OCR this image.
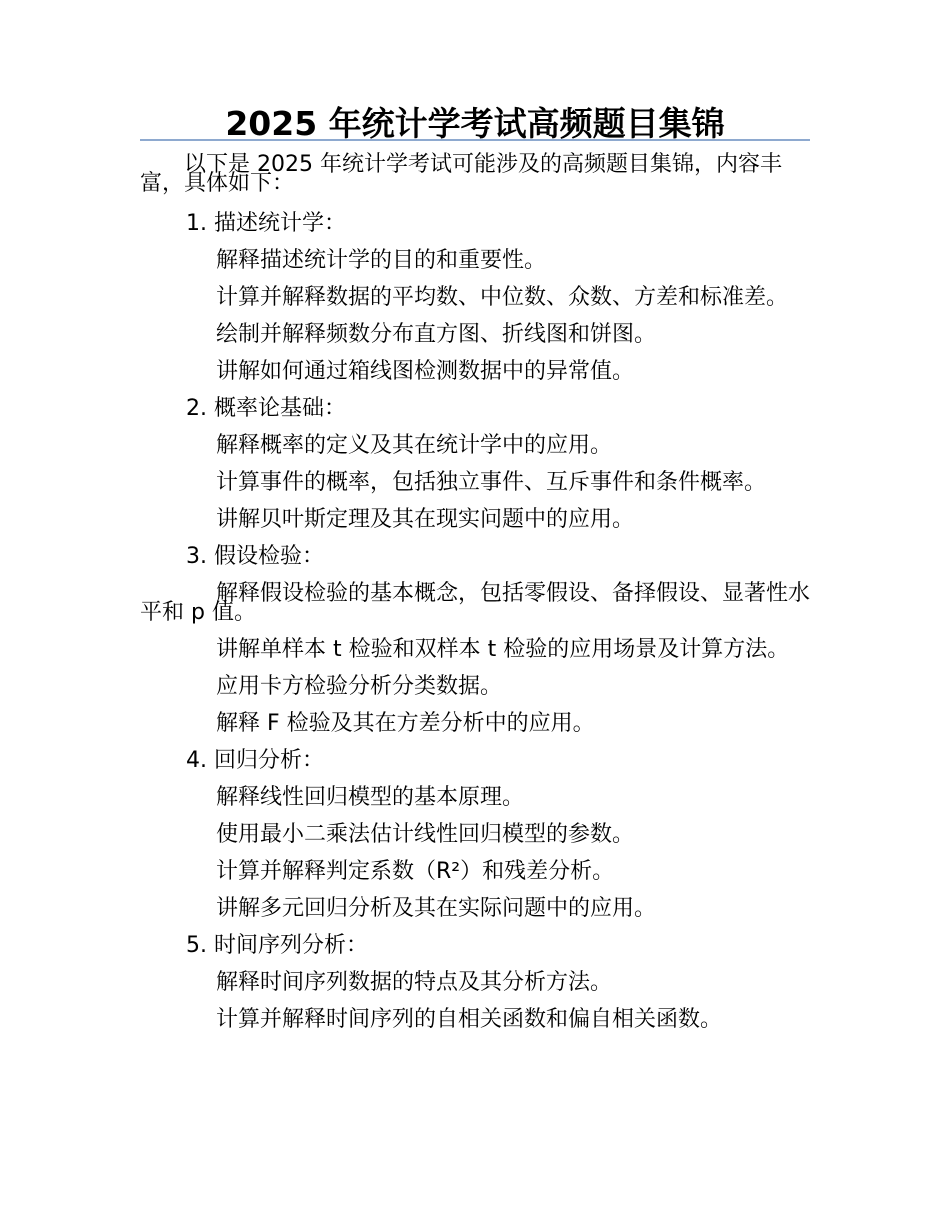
2025 年统计学考试高频题目集锦

以下是 2025 年统计学考试可能涉及的高频题目集锦，内容丰富，具体如下：

1. 描述统计学：

解释描述统计学的目的和重要性。

计算并解释数据的平均数、中位数、众数、方差和标准差。

绘制并解释频数分布直方图、折线图和饼图。

讲解如何通过箱线图检测数据中的异常值。

2. 概率论基础：

解释概率的定义及其在统计学中的应用。

计算事件的概率，包括独立事件、互斥事件和条件概率。

讲解贝叶斯定理及其在现实问题中的应用。

3. 假设检验：

解释假设检验的基本概念，包括零假设、备择假设、显著性水平和 p 值。

讲解单样本 t 检验和双样本 t 检验的应用场景及计算方法。

应用卡方检验分析分类数据。

解释 F 检验及其在方差分析中的应用。

4. 回归分析：

解释线性回归模型的基本原理。

使用最小二乘法估计线性回归模型的参数。

计算并解释判定系数（R²）和残差分析。

讲解多元回归分析及其在实际问题中的应用。

5. 时间序列分析：

解释时间序列数据的特点及其分析方法。

计算并解释时间序列的自相关函数和偏自相关函数。
